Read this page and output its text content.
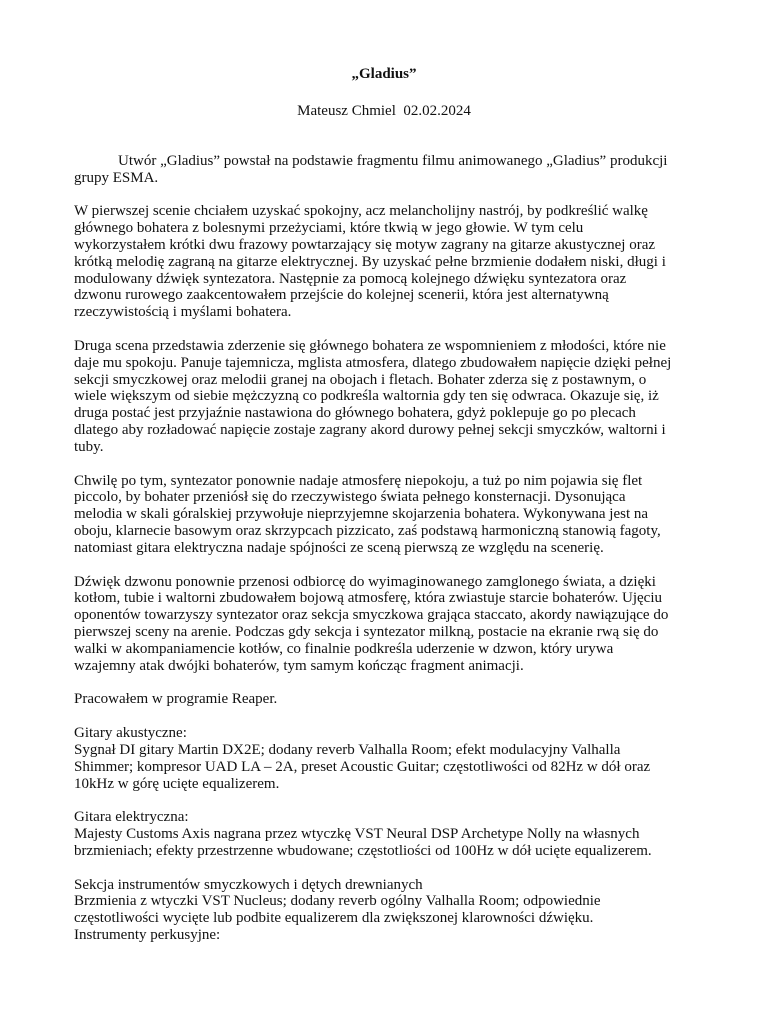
„Gladius”

Mateusz Chmiel  02.02.2024

Utwór „Gladius” powstał na podstawie fragmentu filmu animowanego „Gladius” produkcji
grupy ESMA.

W pierwszej scenie chciałem uzyskać spokojny, acz melancholijny nastrój, by podkreślić walkę
głównego bohatera z bolesnymi przeżyciami, które tkwią w jego głowie. W tym celu
wykorzystałem krótki dwu frazowy powtarzający się motyw zagrany na gitarze akustycznej oraz
krótką melodię zagraną na gitarze elektrycznej. By uzyskać pełne brzmienie dodałem niski, długi i
modulowany dźwięk syntezatora. Następnie za pomocą kolejnego dźwięku syntezatora oraz
dzwonu rurowego zaakcentowałem przejście do kolejnej scenerii, która jest alternatywną
rzeczywistością i myślami bohatera.

Druga scena przedstawia zderzenie się głównego bohatera ze wspomnieniem z młodości, które nie
daje mu spokoju. Panuje tajemnicza, mglista atmosfera, dlatego zbudowałem napięcie dzięki pełnej
sekcji smyczkowej oraz melodii granej na obojach i fletach. Bohater zderza się z postawnym, o
wiele większym od siebie mężczyzną co podkreśla waltornia gdy ten się odwraca. Okazuje się, iż
druga postać jest przyjaźnie nastawiona do głównego bohatera, gdyż poklepuje go po plecach
dlatego aby rozładować napięcie zostaje zagrany akord durowy pełnej sekcji smyczków, waltorni i
tuby.

Chwilę po tym, syntezator ponownie nadaje atmosferę niepokoju, a tuż po nim pojawia się flet
piccolo, by bohater przeniósł się do rzeczywistego świata pełnego konsternacji. Dysonująca
melodia w skali góralskiej przywołuje nieprzyjemne skojarzenia bohatera. Wykonywana jest na
oboju, klarnecie basowym oraz skrzypcach pizzicato, zaś podstawą harmoniczną stanowią fagoty,
natomiast gitara elektryczna nadaje spójności ze sceną pierwszą ze względu na scenerię.

Dźwięk dzwonu ponownie przenosi odbiorcę do wyimaginowanego zamglonego świata, a dzięki
kotłom, tubie i waltorni zbudowałem bojową atmosferę, która zwiastuje starcie bohaterów. Ujęciu
oponentów towarzyszy syntezator oraz sekcja smyczkowa grająca staccato, akordy nawiązujące do
pierwszej sceny na arenie. Podczas gdy sekcja i syntezator milkną, postacie na ekranie rwą się do
walki w akompaniamencie kotłów, co finalnie podkreśla uderzenie w dzwon, który urywa
wzajemny atak dwójki bohaterów, tym samym kończąc fragment animacji.

Pracowałem w programie Reaper.

Gitary akustyczne:
Sygnał DI gitary Martin DX2E; dodany reverb Valhalla Room; efekt modulacyjny Valhalla
Shimmer; kompresor UAD LA – 2A, preset Acoustic Guitar; częstotliwości od 82Hz w dół oraz
10kHz w górę ucięte equalizerem.

Gitara elektryczna:
Majesty Customs Axis nagrana przez wtyczkę VST Neural DSP Archetype Nolly na własnych
brzmieniach; efekty przestrzenne wbudowane; częstotliości od 100Hz w dół ucięte equalizerem.

Sekcja instrumentów smyczkowych i dętych drewnianych
Brzmienia z wtyczki VST Nucleus; dodany reverb ogólny Valhalla Room; odpowiednie
częstotliwości wycięte lub podbite equalizerem dla zwiększonej klarowności dźwięku.
Instrumenty perkusyjne:
